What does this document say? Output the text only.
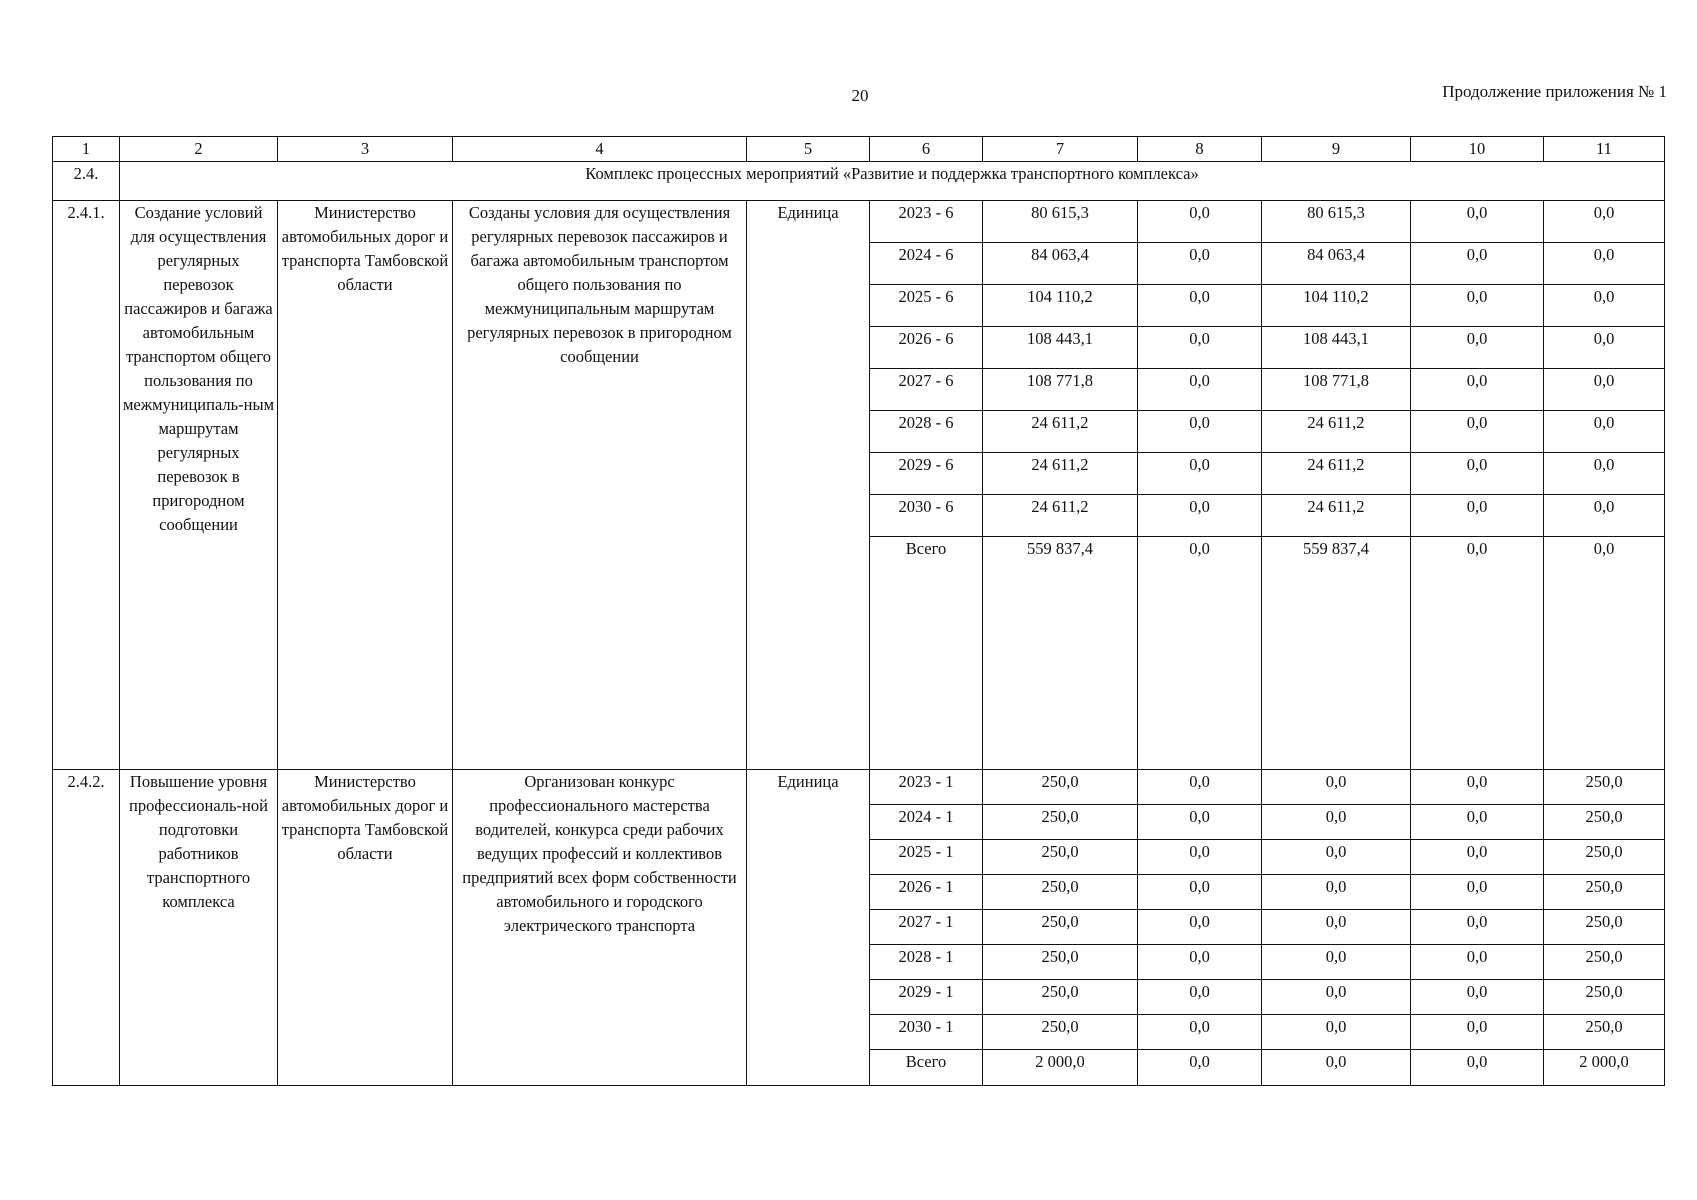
20	Продолжение приложения № 1
1	2	3	4	5	6	7	8	9	10	11
2.4.	Комплекс процессных мероприятий «Развитие и поддержка транспортного комплекса»									
2.4.1.	Создание условий для осуществления регулярных перевозок пассажиров и багажа автомобильным транспортом общего пользования по межмуниципаль-ным маршрутам регулярных перевозок в пригородном сообщении	Министерство автомобильных дорог и транспорта Тамбовской области	Созданы условия для осуществления регулярных перевозок пассажиров и багажа автомобильным транспортом общего пользования по межмуниципальным маршрутам регулярных перевозок в пригородном сообщении	Единица	2023 - 6	80 615,3	0,0	80 615,3	0,0	0,0
					2024 - 6	84 063,4	0,0	84 063,4	0,0	0,0
					2025 - 6	104 110,2	0,0	104 110,2	0,0	0,0
					2026 - 6	108 443,1	0,0	108 443,1	0,0	0,0
					2027 - 6	108 771,8	0,0	108 771,8	0,0	0,0
					2028 - 6	24 611,2	0,0	24 611,2	0,0	0,0
					2029 - 6	24 611,2	0,0	24 611,2	0,0	0,0
					2030 - 6	24 611,2	0,0	24 611,2	0,0	0,0
					Всего	559 837,4	0,0	559 837,4	0,0	0,0
2.4.2.	Повышение уровня профессиональ-ной подготовки работников транспортного комплекса	Министерство автомобильных дорог и транспорта Тамбовской области	Организован конкурс профессионального мастерства водителей, конкурса среди рабочих ведущих профессий и коллективов предприятий всех форм собственности автомобильного и городского электрического транспорта	Единица	2023 - 1	250,0	0,0	0,0	0,0	250,0
					2024 - 1	250,0	0,0	0,0	0,0	250,0
					2025 - 1	250,0	0,0	0,0	0,0	250,0
					2026 - 1	250,0	0,0	0,0	0,0	250,0
					2027 - 1	250,0	0,0	0,0	0,0	250,0
					2028 - 1	250,0	0,0	0,0	0,0	250,0
					2029 - 1	250,0	0,0	0,0	0,0	250,0
					2030 - 1	250,0	0,0	0,0	0,0	250,0
					Всего	2 000,0	0,0	0,0	0,0	2 000,0
